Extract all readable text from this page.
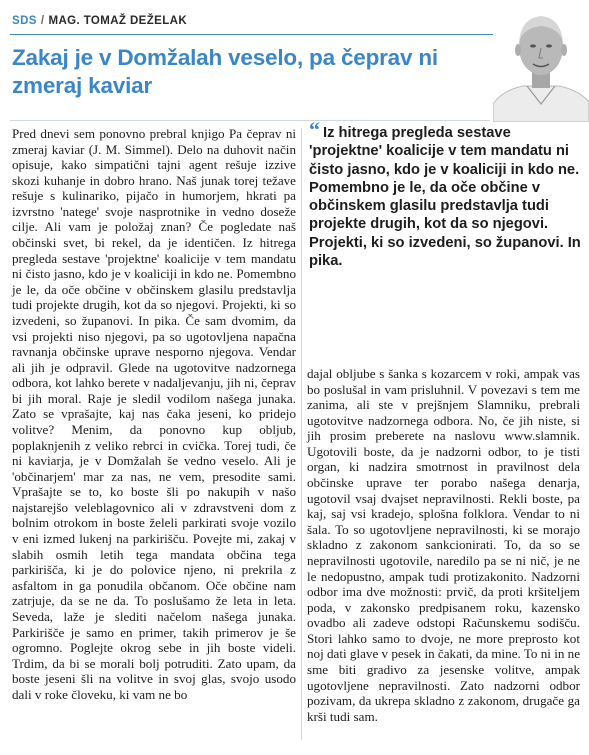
SDS / MAG. TOMAŽ DEŽELAK
Zakaj je v Domžalah veselo, pa čeprav ni zmeraj kaviar

Pred dnevi sem ponovno prebral knjigo Pa čeprav ni zmeraj kaviar (J. M. Simmel). Delo na duhovit način opisuje, kako simpatični tajni agent rešuje izzive skozi kuhanje in dobro hrano. Naš junak torej težave rešuje s kulinariko, pijačo in humorjem, hkrati pa izvrstno 'natege' svoje nasprotnike in vedno doseže cilje. Ali vam je položaj znan? Če pogledate naš občinski svet, bi rekel, da je identičen. Iz hitrega pregleda sestave 'projektne' koalicije v tem mandatu ni čisto jasno, kdo je v koaliciji in kdo ne. Pomembno je le, da oče občine v občinskem glasilu predstavlja tudi projekte drugih, kot da so njegovi. Projekti, ki so izvedeni, so županovi. In pika. Če sam dvomim, da vsi projekti niso njegovi, pa so ugotovljena napačna ravnanja občinske uprave nesporno njegova. Vendar ali jih je odpravil. Glede na ugotovitve nadzornega odbora, kot lahko berete v nadaljevanju, jih ni, čeprav bi jih moral. Raje je sledil vodilom našega junaka. Zato se vprašajte, kaj nas čaka jeseni, ko pridejo volitve? Menim, da ponovno kup obljub, poplaknjenih z veliko rebrci in cvička. Torej tudi, če ni kaviarja, je v Domžalah še vedno veselo. Ali je 'občinarjem' mar za nas, ne vem, presodite sami. Vprašajte se to, ko boste šli po nakupih v našo najstarejšo veleblagovnico ali v zdravstveni dom z bolnim otrokom in boste želeli parkirati svoje vozilo v eni izmed lukenj na parkirišču. Povejte mi, zakaj v slabih osmih letih tega mandata občina tega parkirišča, ki je do polovice njeno, ni prekrila z asfaltom in ga ponudila občanom. Oče občine nam zatrjuje, da se ne da. To poslušamo že leta in leta. Seveda, laže je slediti načelom našega junaka. Parkirišče je samo en primer, takih primerov je še ogromno. Poglejte okrog sebe in jih boste videli. Trdim, da bi se morali bolj potruditi. Zato upam, da boste jeseni šli na volitve in svoj glas, svojo usodo dali v roke človeku, ki vam ne bo

“ Iz hitrega pregleda sestave 'projektne' koalicije v tem mandatu ni čisto jasno, kdo je v koaliciji in kdo ne. Pomembno je le, da oče občine v občinskem glasilu predstavlja tudi projekte drugih, kot da so njegovi. Projekti, ki so izvedeni, so županovi. In pika.

dajal obljube s šanka s kozarcem v roki, ampak vas bo poslušal in vam prisluhnil. V povezavi s tem me zanima, ali ste v prejšnjem Slamniku, prebrali ugotovitve nadzornega odbora. No, če jih niste, si jih prosim preberete na naslovu www.slamnik. Ugotovili boste, da je nadzorni odbor, to je tisti organ, ki nadzira smotrnost in pravilnost dela občinske uprave ter porabo našega denarja, ugotovil vsaj dvajset nepravilnosti. Rekli boste, pa kaj, saj vsi kradejo, splošna folklora. Vendar to ni šala. To so ugotovljene nepravilnosti, ki se morajo skladno z zakonom sankcionirati. To, da so se nepravilnosti ugotovile, naredilo pa se ni nič, je ne le nedopustno, ampak tudi protizakonito. Nadzorni odbor ima dve možnosti: prvič, da proti kršiteljem poda, v zakonsko predpisanem roku, kazensko ovadbo ali zadeve odstopi Računskemu sodišču. Stori lahko samo to dvoje, ne more preprosto kot noj dati glave v pesek in čakati, da mine. To ni in ne sme biti gradivo za jesenske volitve, ampak ugotovljene nepravilnosti. Zato nadzorni odbor pozivam, da ukrepa skladno z zakonom, drugače ga krši tudi sam.
